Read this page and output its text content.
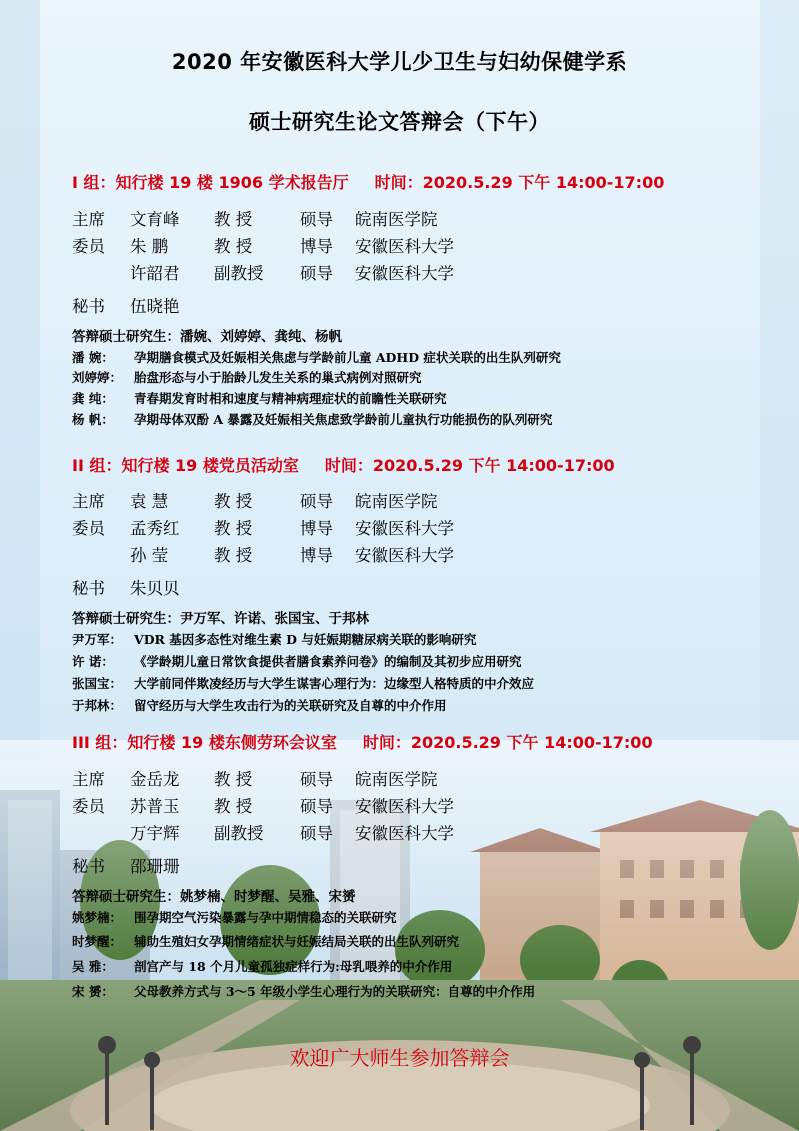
2020 年安徽医科大学儿少卫生与妇幼保健学系
硕士研究生论文答辩会（下午）
I 组：知行楼 19 楼 1906 学术报告厅 时间：2020.5.29 下午 14:00-17:00
主席 文育峰 教 授	硕导 皖南医学院
委员 朱 鹏	教 授	博导 安徽医科大学
许韶君 副教授 硕导 安徽医科大学
秘书 伍晓艳
答辩硕士研究生：潘婉、刘婷婷、龚纯、杨帆
潘 婉： 孕期膳食模式及妊娠相关焦虑与学龄前儿童 ADHD 症状关联的出生队列研究
刘婷婷： 胎盘形态与小于胎龄儿发生关系的巢式病例对照研究
龚 纯： 青春期发育时相和速度与精神病理症状的前瞻性关联研究
杨 帆： 孕期母体双酚 A 暴露及妊娠相关焦虑致学龄前儿童执行功能损伤的队列研究
II 组：知行楼 19 楼党员活动室 时间：2020.5.29 下午 14:00-17:00
主席 袁 慧	教 授	硕导 皖南医学院
委员 孟秀红 教 授	博导 安徽医科大学
孙 莹	教 授	博导 安徽医科大学
秘书 朱贝贝
答辩硕士研究生：尹万军、许诺、张国宝、于邦林
尹万军： VDR 基因多态性对维生素 D 与妊娠期糖尿病关联的影响研究
许 诺： 《学龄期儿童日常饮食提供者膳食素养问卷》的编制及其初步应用研究
张国宝： 大学前同伴欺凌经历与大学生谋害心理行为：边缘型人格特质的中介效应
于邦林： 留守经历与大学生攻击行为的关联研究及自尊的中介作用
III 组：知行楼 19 楼东侧劳环会议室 时间：2020.5.29 下午 14:00-17:00
主席 金岳龙 教 授	硕导 皖南医学院
委员 苏普玉 教 授	硕导 安徽医科大学
万宇辉 副教授 硕导 安徽医科大学
秘书 邵珊珊
答辩硕士研究生：姚梦楠、时梦醒、吴雅、宋赟
姚梦楠： 围孕期空气污染暴露与孕中期情稳态的关联研究
时梦醒： 辅助生殖妇女孕期情绪症状与妊娠结局关联的出生队列研究
吴 雅： 剖宫产与 18 个月儿童孤独症样行为:母乳喂养的中介作用
宋 赟： 父母教养方式与 3～5 年级小学生心理行为的关联研究：自尊的中介作用
欢迎广大师生参加答辩会
